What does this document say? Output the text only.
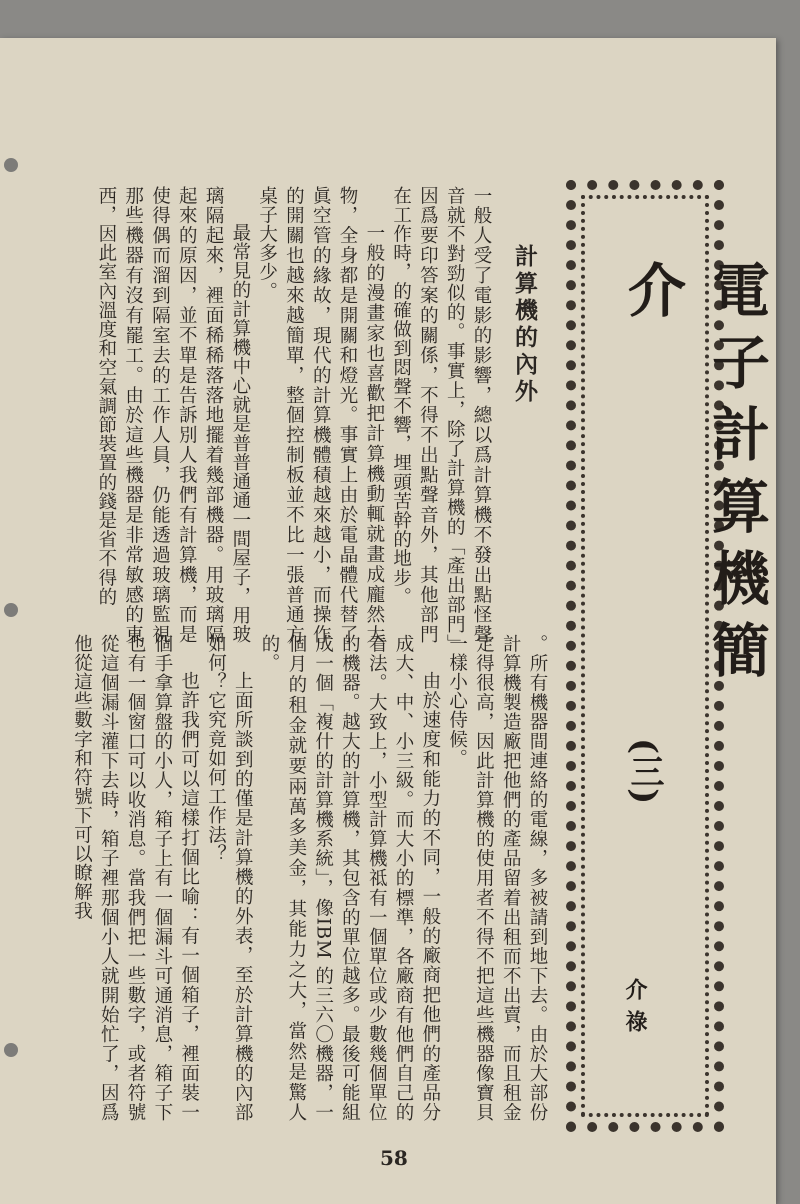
電子計算機簡介
(三)
介祿
計算機的內外

一般人受了電影的影響，總以爲計算機不發出點怪聲音就不對勁似的。事實上，除了計算機的「產出部門」因爲要印答案的關係，不得不出點聲音外，其他部門在工作時，的確做到悶聲不響，埋頭苦幹的地步。

一般的漫畫家也喜歡把計算機動輒就畫成龐然大物，全身都是開關和燈光。事實上由於電晶體代替了眞空管的緣故，現代的計算機體積越來越小，而操作的開關也越來越簡單，整個控制板並不比一張普通方桌子大多少。

最常見的計算機中心就是普普通通一間屋子，用玻璃隔起來，裡面稀稀落落地擺着幾部機器。用玻璃隔起來的原因，並不單是告訴別人我們有計算機，而是使得偶而溜到隔室去的工作人員，仍能透過玻璃監視那些機器有沒有罷工。由於這些機器是非常敏感的東西，因此室內溫度和空氣調節裝置的錢是省不得的

。所有機器間連絡的電線，多被請到地下去。由於大部份計算機製造廠把他們的產品留着出租而不出賣，而且租金定得很高，因此計算機的使用者不得不把這些機器像寶貝一樣小心侍候。

由於速度和能力的不同，一般的廠商把他們的產品分成大、中、小三級。而大小的標準，各廠商有他們自己的看法。大致上，小型計算機祗有一個單位或少數幾個單位的機器。越大的計算機，其包含的單位越多。最後可能組成一個「複什的計算機系統」，像IBM 的三六〇機器，一個月的租金就要兩萬多美金，其能力之大，當然是驚人的。

上面所談到的僅是計算機的外表，至於計算機的內部如何？它究竟如何工作法？

也許我們可以這樣打個比喻：有一個箱子，裡面裝一個手拿算盤的小人，箱子上有一個漏斗可通消息，箱子下也有一個窗口可以收消息。當我們把一些數字，或者符號從這個漏斗灌下去時，箱子裡那個小人就開始忙了，因爲他從這些數字和符號下可以瞭解我

58
